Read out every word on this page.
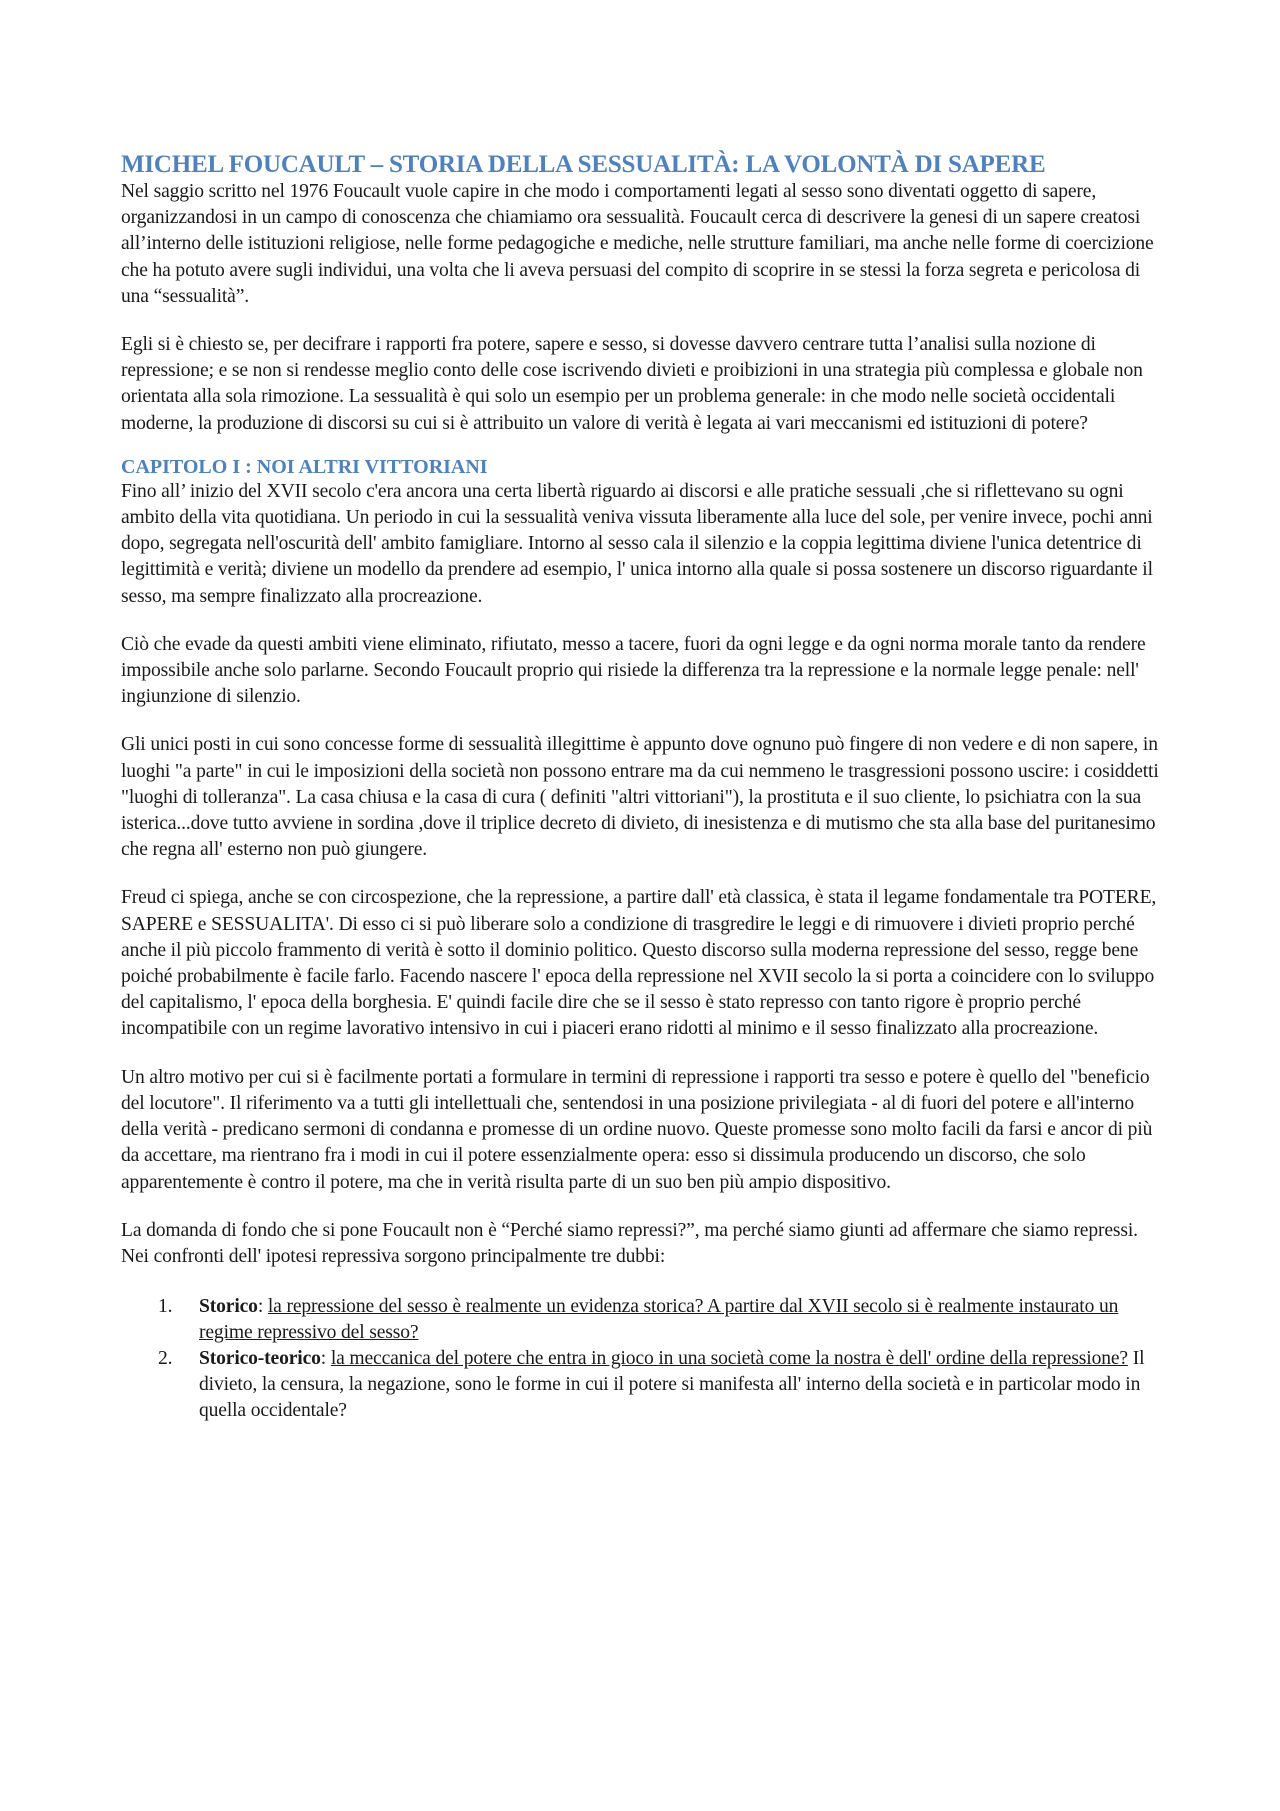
MICHEL FOUCAULT – STORIA DELLA SESSUALITÀ: LA VOLONTÀ DI SAPERE

Nel saggio scritto nel 1976 Foucault vuole capire in che modo i comportamenti legati al sesso sono diventati oggetto di sapere, organizzandosi in un campo di conoscenza che chiamiamo ora sessualità. Foucault cerca di descrivere la genesi di un sapere creatosi all’interno delle istituzioni religiose, nelle forme pedagogiche e mediche, nelle strutture familiari, ma anche nelle forme di coercizione che ha potuto avere sugli individui, una volta che li aveva persuasi del compito di scoprire in se stessi la forza segreta e pericolosa di una “sessualità”.

Egli si è chiesto se, per decifrare i rapporti fra potere, sapere e sesso, si dovesse davvero centrare tutta l’analisi sulla nozione di repressione; e se non si rendesse meglio conto delle cose iscrivendo divieti e proibizioni in una strategia più complessa e globale non orientata alla sola rimozione. La sessualità è qui solo un esempio per un problema generale: in che modo nelle società occidentali moderne, la produzione di discorsi su cui si è attribuito un valore di verità è legata ai vari meccanismi ed istituzioni di potere?

CAPITOLO I : NOI ALTRI VITTORIANI

Fino all’ inizio del XVII secolo c'era ancora una certa libertà riguardo ai discorsi e alle pratiche sessuali ,che si riflettevano su ogni ambito della vita quotidiana. Un periodo in cui la sessualità veniva vissuta liberamente alla luce del sole, per venire invece, pochi anni dopo, segregata nell'oscurità dell' ambito famigliare. Intorno al sesso cala il silenzio e la coppia legittima diviene l'unica detentrice di legittimità e verità; diviene un modello da prendere ad esempio, l' unica intorno alla quale si possa sostenere un discorso riguardante il sesso, ma sempre finalizzato alla procreazione.

Ciò che evade da questi ambiti viene eliminato, rifiutato, messo a tacere, fuori da ogni legge e da ogni norma morale tanto da rendere impossibile anche solo parlarne. Secondo Foucault proprio qui risiede la differenza tra la repressione e la normale legge penale: nell' ingiunzione di silenzio.

Gli unici posti in cui sono concesse forme di sessualità illegittime è appunto dove ognuno può fingere di non vedere e di non sapere, in luoghi "a parte" in cui le imposizioni della società non possono entrare ma da cui nemmeno le trasgressioni possono uscire: i cosiddetti "luoghi di tolleranza". La casa chiusa e la casa di cura ( definiti "altri vittoriani"), la prostituta e il suo cliente, lo psichiatra con la sua isterica...dove tutto avviene in sordina ,dove il triplice decreto di divieto, di inesistenza e di mutismo che sta alla base del puritanesimo che regna all' esterno non può giungere.

Freud ci spiega, anche se con circospezione, che la repressione, a partire dall' età classica, è stata il legame fondamentale tra POTERE, SAPERE e SESSUALITA'. Di esso ci si può liberare solo a condizione di trasgredire le leggi e di rimuovere i divieti proprio perché anche il più piccolo frammento di verità è sotto il dominio politico. Questo discorso sulla moderna repressione del sesso, regge bene poiché probabilmente è facile farlo. Facendo nascere l' epoca della repressione nel XVII secolo la si porta a coincidere con lo sviluppo del capitalismo, l' epoca della borghesia. E' quindi facile dire che se il sesso è stato represso con tanto rigore è proprio perché incompatibile con un regime lavorativo intensivo in cui i piaceri erano ridotti al minimo e il sesso finalizzato alla procreazione.

Un altro motivo per cui si è facilmente portati a formulare in termini di repressione i rapporti tra sesso e potere è quello del "beneficio del locutore". Il riferimento va a tutti gli intellettuali che, sentendosi in una posizione privilegiata - al di fuori del potere e all'interno della verità - predicano sermoni di condanna e promesse di un ordine nuovo. Queste promesse sono molto facili da farsi e ancor di più da accettare, ma rientrano fra i modi in cui il potere essenzialmente opera: esso si dissimula producendo un discorso, che solo apparentemente è contro il potere, ma che in verità risulta parte di un suo ben più ampio dispositivo.

La domanda di fondo che si pone Foucault non è “Perché siamo repressi?”, ma perché siamo giunti ad affermare che siamo repressi. Nei confronti dell' ipotesi repressiva sorgono principalmente tre dubbi:

1. Storico: la repressione del sesso è realmente un evidenza storica? A partire dal XVII secolo si è realmente instaurato un regime repressivo del sesso?
2. Storico-teorico: la meccanica del potere che entra in gioco in una società come la nostra è dell' ordine della repressione? Il divieto, la censura, la negazione, sono le forme in cui il potere si manifesta all' interno della società e in particolar modo in quella occidentale?
